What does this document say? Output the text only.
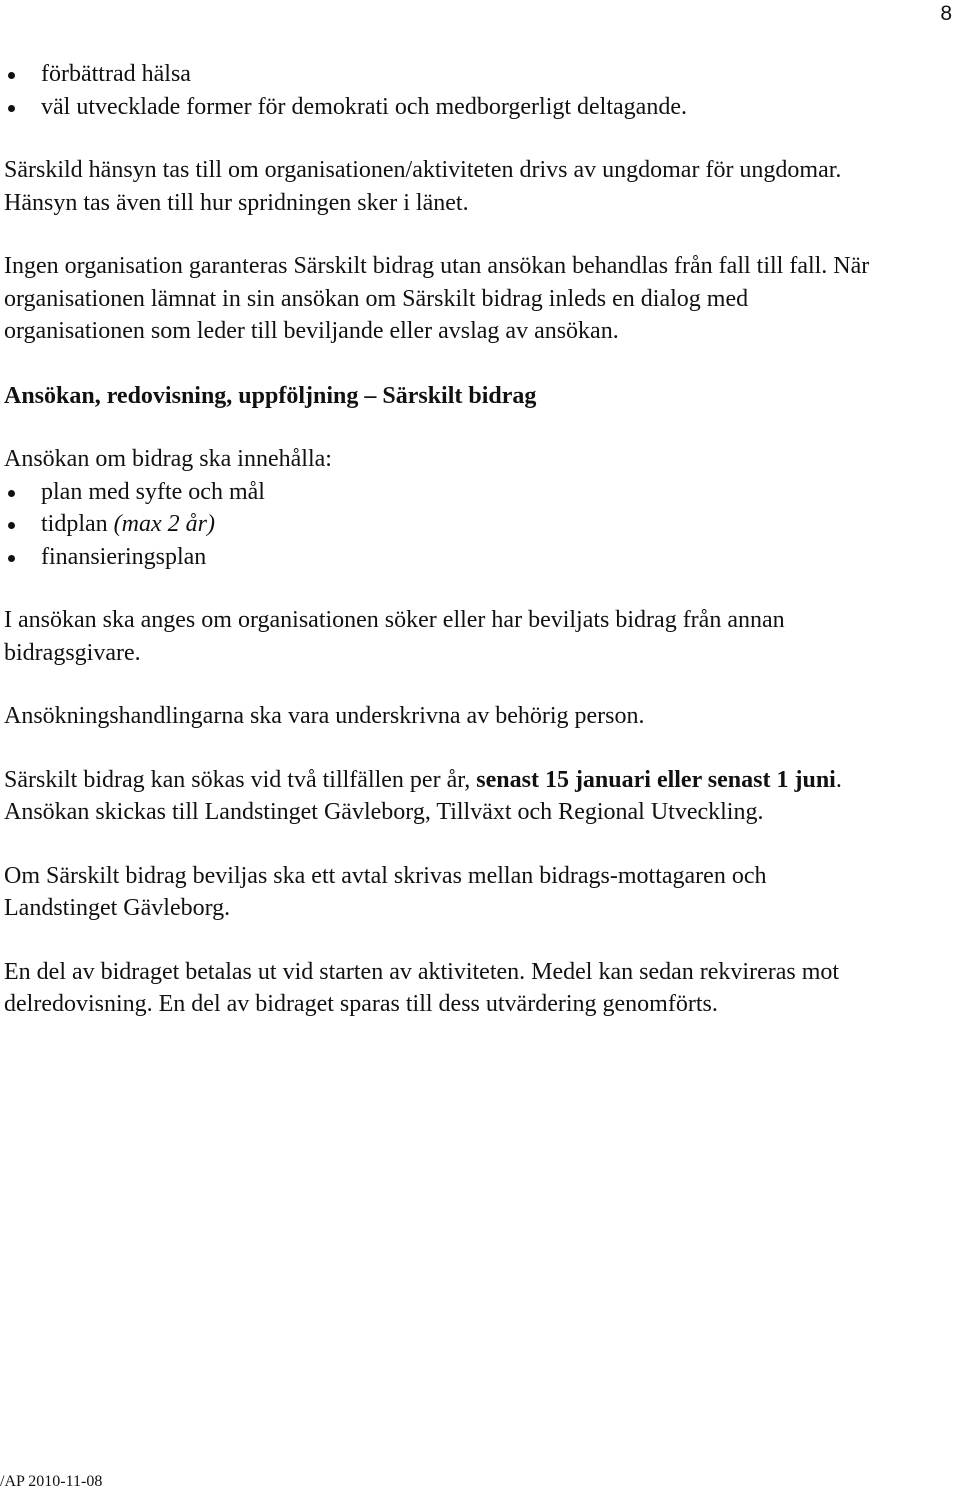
8
förbättrad hälsa
väl utvecklade former för demokrati och medborgerligt deltagande.

Särskild hänsyn tas till om organisationen/aktiviteten drivs av ungdomar för ungdomar. Hänsyn tas även till hur spridningen sker i länet.

Ingen organisation garanteras Särskilt bidrag utan ansökan behandlas från fall till fall. När organisationen lämnat in sin ansökan om Särskilt bidrag inleds en dialog med organisationen som leder till beviljande eller avslag av ansökan.

Ansökan, redovisning, uppföljning – Särskilt bidrag

Ansökan om bidrag ska innehålla:

plan med syfte och mål
tidplan (max 2 år)
finansieringsplan

I ansökan ska anges om organisationen söker eller har beviljats bidrag från annan bidragsgivare.

Ansökningshandlingarna ska vara underskrivna av behörig person.

Särskilt bidrag kan sökas vid två tillfällen per år, senast 15 januari eller senast 1 juni. Ansökan skickas till Landstinget Gävleborg, Tillväxt och Regional Utveckling.

Om Särskilt bidrag beviljas ska ett avtal skrivas mellan bidrags-mottagaren och Landstinget Gävleborg.

En del av bidraget betalas ut vid starten av aktiviteten. Medel kan sedan rekvireras mot delredovisning. En del av bidraget sparas till dess utvärdering genomförts.

/AP 2010-11-08
